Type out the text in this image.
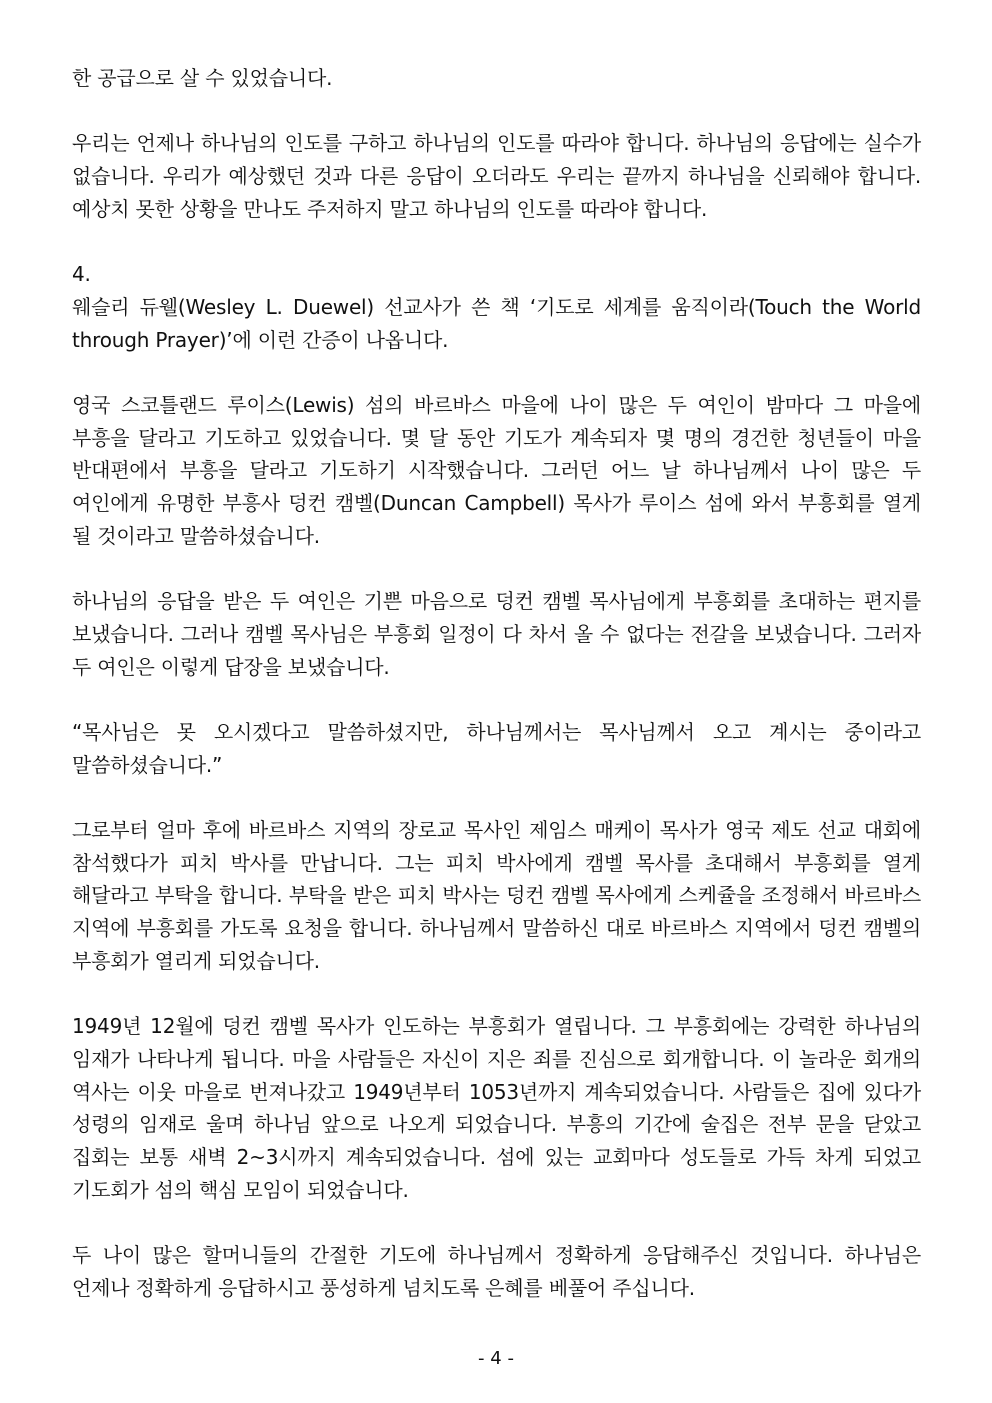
한 공급으로 살 수 있었습니다.

우리는 언제나 하나님의 인도를 구하고 하나님의 인도를 따라야 합니다. 하나님의 응답에는 실수가 없습니다. 우리가 예상했던 것과 다른 응답이 오더라도 우리는 끝까지 하나님을 신뢰해야 합니다. 예상치 못한 상황을 만나도 주저하지 말고 하나님의 인도를 따라야 합니다.

4.

웨슬리 듀웰(Wesley L. Duewel) 선교사가 쓴 책 ‘기도로 세계를 움직이라(Touch the World through Prayer)’에 이런 간증이 나옵니다.

영국 스코틀랜드 루이스(Lewis) 섬의 바르바스 마을에 나이 많은 두 여인이 밤마다 그 마을에 부흥을 달라고 기도하고 있었습니다. 몇 달 동안 기도가 계속되자 몇 명의 경건한 청년들이 마을 반대편에서 부흥을 달라고 기도하기 시작했습니다. 그러던 어느 날 하나님께서 나이 많은 두 여인에게 유명한 부흥사 덩컨 캠벨(Duncan Campbell) 목사가 루이스 섬에 와서 부흥회를 열게 될 것이라고 말씀하셨습니다.

하나님의 응답을 받은 두 여인은 기쁜 마음으로 덩컨 캠벨 목사님에게 부흥회를 초대하는 편지를 보냈습니다. 그러나 캠벨 목사님은 부흥회 일정이 다 차서 올 수 없다는 전갈을 보냈습니다. 그러자 두 여인은 이렇게 답장을 보냈습니다.

“목사님은 못 오시겠다고 말씀하셨지만, 하나님께서는 목사님께서 오고 계시는 중이라고 말씀하셨습니다.”

그로부터 얼마 후에 바르바스 지역의 장로교 목사인 제임스 매케이 목사가 영국 제도 선교 대회에 참석했다가 피치 박사를 만납니다. 그는 피치 박사에게 캠벨 목사를 초대해서 부흥회를 열게 해달라고 부탁을 합니다. 부탁을 받은 피치 박사는 덩컨 캠벨 목사에게 스케쥴을 조정해서 바르바스 지역에 부흥회를 가도록 요청을 합니다. 하나님께서 말씀하신 대로 바르바스 지역에서 덩컨 캠벨의 부흥회가 열리게 되었습니다.

1949년 12월에 덩컨 캠벨 목사가 인도하는 부흥회가 열립니다. 그 부흥회에는 강력한 하나님의 임재가 나타나게 됩니다. 마을 사람들은 자신이 지은 죄를 진심으로 회개합니다. 이 놀라운 회개의 역사는 이웃 마을로 번져나갔고 1949년부터 1053년까지 계속되었습니다. 사람들은 집에 있다가 성령의 임재로 울며 하나님 앞으로 나오게 되었습니다. 부흥의 기간에 술집은 전부 문을 닫았고 집회는 보통 새벽 2~3시까지 계속되었습니다. 섬에 있는 교회마다 성도들로 가득 차게 되었고 기도회가 섬의 핵심 모임이 되었습니다.

두 나이 많은 할머니들의 간절한 기도에 하나님께서 정확하게 응답해주신 것입니다. 하나님은 언제나 정확하게 응답하시고 풍성하게 넘치도록 은혜를 베풀어 주십니다.

- 4 -
